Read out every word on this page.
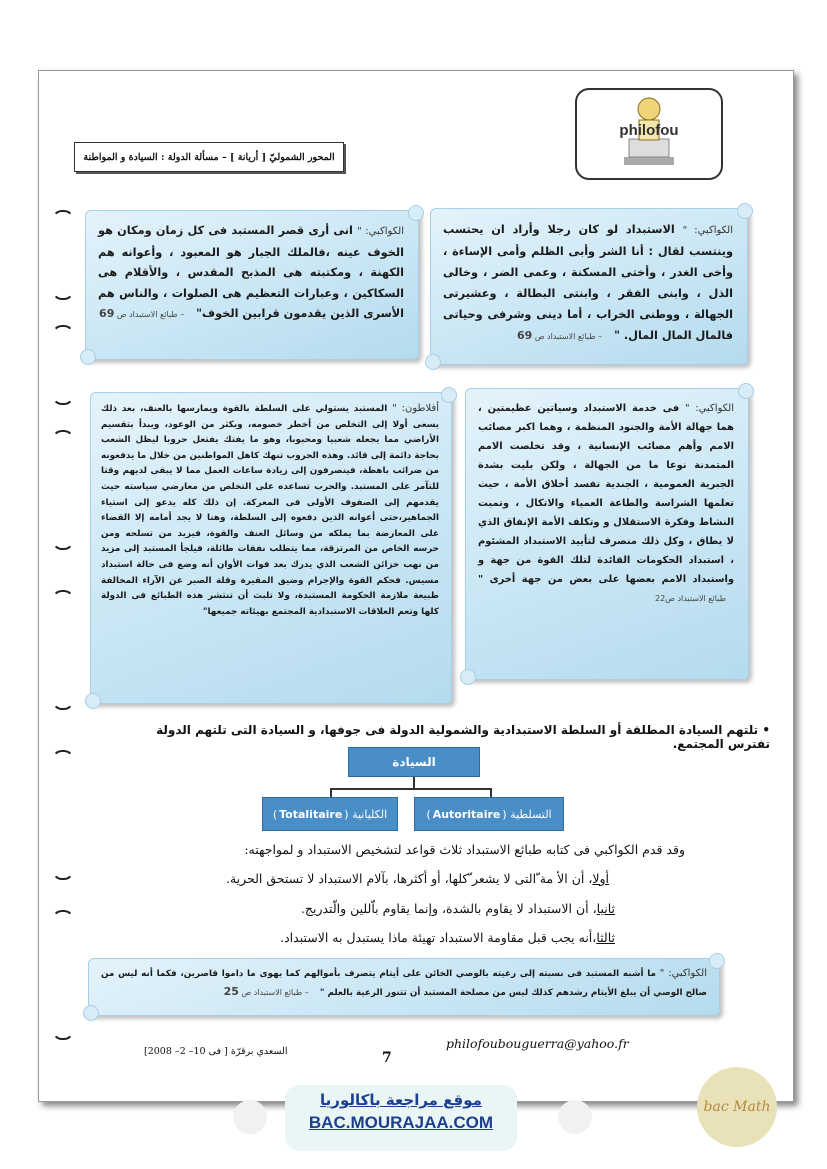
philofou
المحور الشموليّ [ أريانة ] – مسألة الدولة : السيادة و المواطنة
الكواكبي: " الاستبداد لو كان رجلا وأراد ان يحتسب وينتسب لقال : أنا الشر وأبى الظلم وأمى الإساءة ، وأخى الغدر ، وأختى المسكنة ، وعمى الضر ، وخالى الذل ، وابنى الفقر ، وابنتى البطالة ، وعشيرتى الجهالة ، ووطنى الخراب ، أما دينى وشرفى وحياتى فالمال المال المال. " – طبائع الاستبداد ص 69
الكواكبي: " انى أرى قصر المستبد فى كل زمان ومكان هو الخوف عينه ،فالملك الجبار هو المعبود ، وأعوانه هم الكهنة ، ومكتبته هى المذبح المقدس ، والأقلام هى السكاكين ، وعبارات التعظيم هى الصلوات ، والناس هم الأسرى الذين يقدمون قرابين الخوف" – طبائع الاستبداد ص 69
أفلاطون: " المستبد يستولي على السلطة بالقوة ويمارسها بالعنف، بعد ذلك يسعى أولا إلى التخلص من أخطر خصومه، ويكثر من الوعود، ويبدأ بتقسيم الأراضي مما يجعله شعبيا ومحبوبا، وهو ما يفتك يفتعل حروبا ليظل الشعب بحاجة دائمة إلى قائد. وهذه الحروب تنهك كاهل المواطنين من خلال ما يدفعونه من ضرائب باهظة، فينصرفون إلى زيادة ساعات العمل مما لا يبقى لديهم وقتا للتآمر على المستبد. والحرب تساعده على التخلص من معارضي سياسته حيث يقدمهم إلى الصفوف الأولى فى المعركة. إن ذلك كله يدعو إلى استياء الجماهير،حتى أعوانه الذين دفعوه إلى السلطة، وهنا لا يجد أمامه إلا القضاء على المعارضة بما يملكه من وسائل العنف والقوة، فيزيد من تسلحه ومن حرسه الخاص من المرتزقة، مما يتطلب نفقات طائلة، فيلجأ المستبد إلى مزيد من نهب خزائن الشعب الذي يدرك بعد فوات الأوان أنه وضع فى حالة استبداد مسيس. فحكم القوة والإجرام وضيق المقيرة وقلة الصبر عن الآراء المخالفة طبيعة ملازمة الحكومة المستبدة، ولا تلبث أن تنتشر هذه الطبائع فى الدولة كلها وتعم العلاقات الاستبدادية المجتمع بهيئاته جميعها"
الكواكبي: " فى خدمة الاستبداد وسياتين عظيمتين ، هما جهالة الأمة والجنود المنظمة ، وهما اكبر مصائب الامم وأهم مصائب الإنسانية ، وقد تخلصت الامم المتمدنة نوعا ما من الجهالة ، ولكن بليت بشدة الجبرية العمومية ، الجندية تفسد أخلاق الأمة ، حيث تعلمها الشراسة والطاعة العمياء والاتكال ، وتميت النشاط وفكرة الاستقلال و وتكلف الأمة الإنفاق الذي لا يطاق ، وكل ذلك منصرف لتأييد الاستبداد المشئوم ، استبداد الحكومات القائدة لتلك القوة من جهة و واستبداد الامم بعضها على بعض من جهة أخرى " طبائع الاستبداد ص22
• تلتهم السيادة المطلقة أو السلطة الاستبدادية والشمولية الدولة فى جوفها، و السيادة التى تلتهم الدولة تفترس المجتمع.
السيادة
الكليانية
(
Totalitaire
)	التسلطية
(
Autoritaire
)
وقد قدم الكواكبي فى كتابه طبائع الاستبداد ثلاث قواعد لتشخيص الاستبداد و لمواجهته:
أولا، أن الأ مة ّالتى لا يشعر ّكلها، أو أكثرها، بآلام الاستبداد لا تستحق الحرية.
ثانيا، أن الاستبداد لا يقاوم بالشدة، وإنما يقاوم باّللين والّتدريج.
ثالثا،أنه يجب قبل مقاومة الاستبداد تهيئة ماذا يستبدل به الاستبداد.
الكواكبي: " ما أشبه المستبد فى نسبته إلى رعيته بالوصي الخائن على أيتام يتصرف بأموالهم كما يهوى ما داموا قاصرين، فكما أنه ليس من صالح الوصي أن يبلغ الأيتام رشدهم كذلك ليس من مصلحة المستبد أن تتنور الرعية بالعلم " – طبائع الاستبداد ص 25
السعدي برقرّة [ فى 10– 2– 2008]	7
philofoubouguerra@yahoo.fr
موقع مراجعة باكالوريا
BAC.MOURAJAA.COM
bac Math
